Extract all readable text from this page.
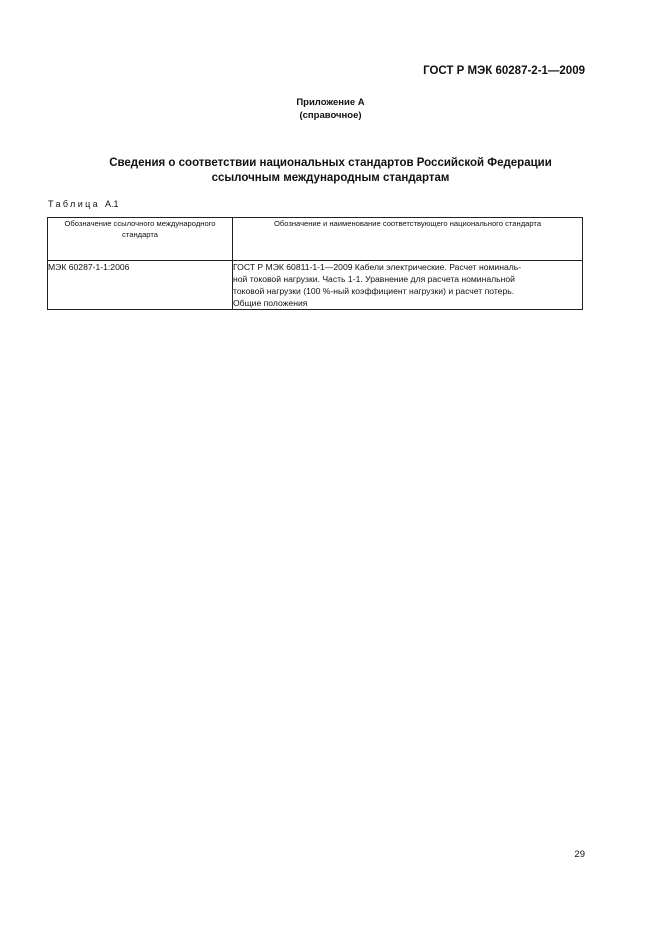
ГОСТ Р МЭК 60287-2-1—2009
Приложение А
(справочное)
Сведения о соответствии национальных стандартов Российской Федерации
ссылочным международным стандартам
Таблица А.1
Обозначение ссылочного международного стандарта	Обозначение и наименование соответствующего национального стандарта
МЭК 60287-1-1:2006	ГОСТ Р МЭК 60811-1-1—2009 Кабели электрические. Расчет номиналь-
ной токовой нагрузки. Часть 1-1. Уравнение для расчета номинальной
токовой нагрузки (100 %-ный коэффициент нагрузки) и расчет потерь.
Общие положения
29
